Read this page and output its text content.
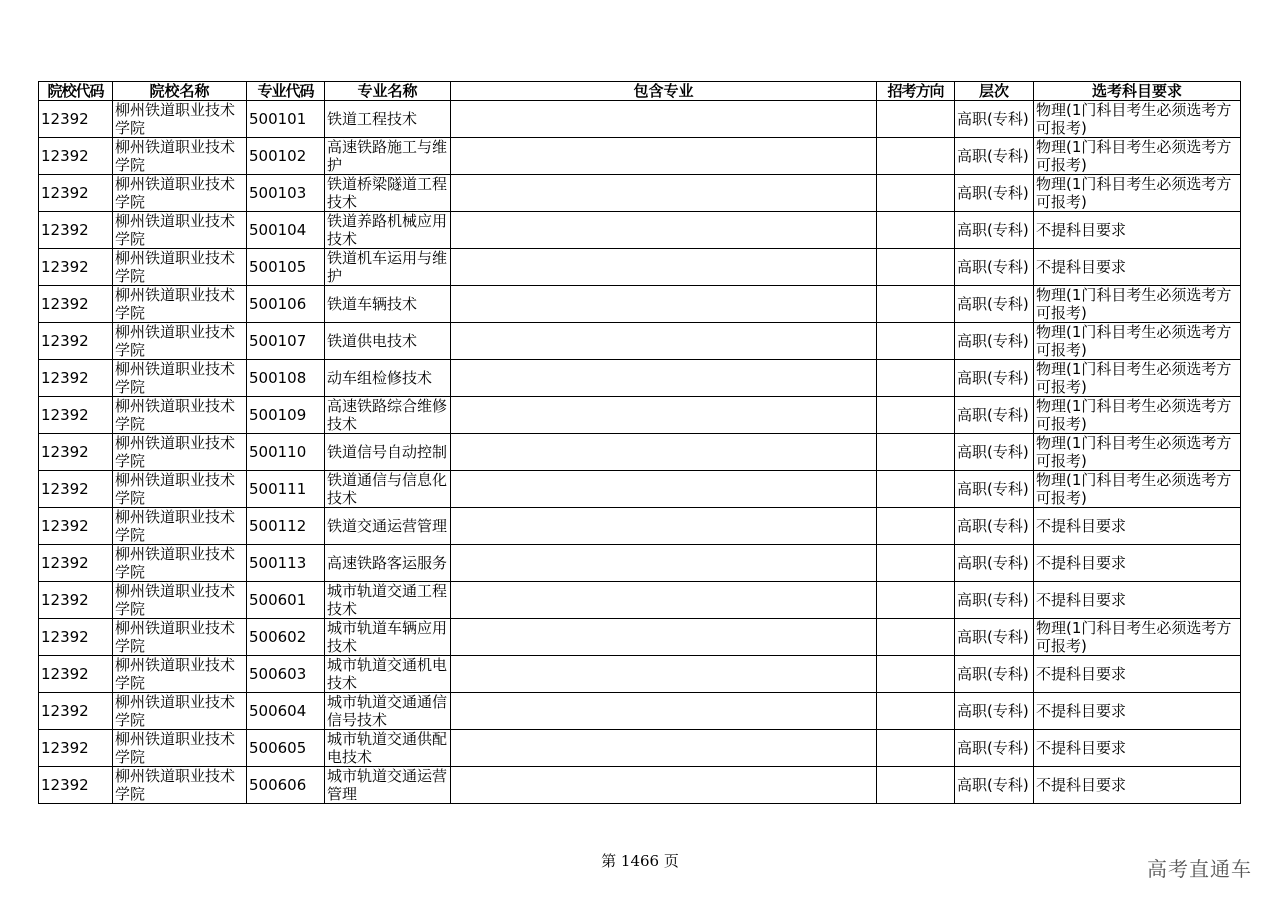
院校代码	院校名称	专业代码	专业名称	包含专业	招考方向	层次	选考科目要求
12392	柳州铁道职业技术学院	500101	铁道工程技术			高职(专科)	物理(1门科目考生必须选考方可报考)
12392	柳州铁道职业技术学院	500102	高速铁路施工与维护			高职(专科)	物理(1门科目考生必须选考方可报考)
12392	柳州铁道职业技术学院	500103	铁道桥梁隧道工程技术			高职(专科)	物理(1门科目考生必须选考方可报考)
12392	柳州铁道职业技术学院	500104	铁道养路机械应用技术			高职(专科)	不提科目要求
12392	柳州铁道职业技术学院	500105	铁道机车运用与维护			高职(专科)	不提科目要求
12392	柳州铁道职业技术学院	500106	铁道车辆技术			高职(专科)	物理(1门科目考生必须选考方可报考)
12392	柳州铁道职业技术学院	500107	铁道供电技术			高职(专科)	物理(1门科目考生必须选考方可报考)
12392	柳州铁道职业技术学院	500108	动车组检修技术			高职(专科)	物理(1门科目考生必须选考方可报考)
12392	柳州铁道职业技术学院	500109	高速铁路综合维修技术			高职(专科)	物理(1门科目考生必须选考方可报考)
12392	柳州铁道职业技术学院	500110	铁道信号自动控制			高职(专科)	物理(1门科目考生必须选考方可报考)
12392	柳州铁道职业技术学院	500111	铁道通信与信息化技术			高职(专科)	物理(1门科目考生必须选考方可报考)
12392	柳州铁道职业技术学院	500112	铁道交通运营管理			高职(专科)	不提科目要求
12392	柳州铁道职业技术学院	500113	高速铁路客运服务			高职(专科)	不提科目要求
12392	柳州铁道职业技术学院	500601	城市轨道交通工程技术			高职(专科)	不提科目要求
12392	柳州铁道职业技术学院	500602	城市轨道车辆应用技术			高职(专科)	物理(1门科目考生必须选考方可报考)
12392	柳州铁道职业技术学院	500603	城市轨道交通机电技术			高职(专科)	不提科目要求
12392	柳州铁道职业技术学院	500604	城市轨道交通通信信号技术			高职(专科)	不提科目要求
12392	柳州铁道职业技术学院	500605	城市轨道交通供配电技术			高职(专科)	不提科目要求
12392	柳州铁道职业技术学院	500606	城市轨道交通运营管理			高职(专科)	不提科目要求
第 1466 页	高考直通车
